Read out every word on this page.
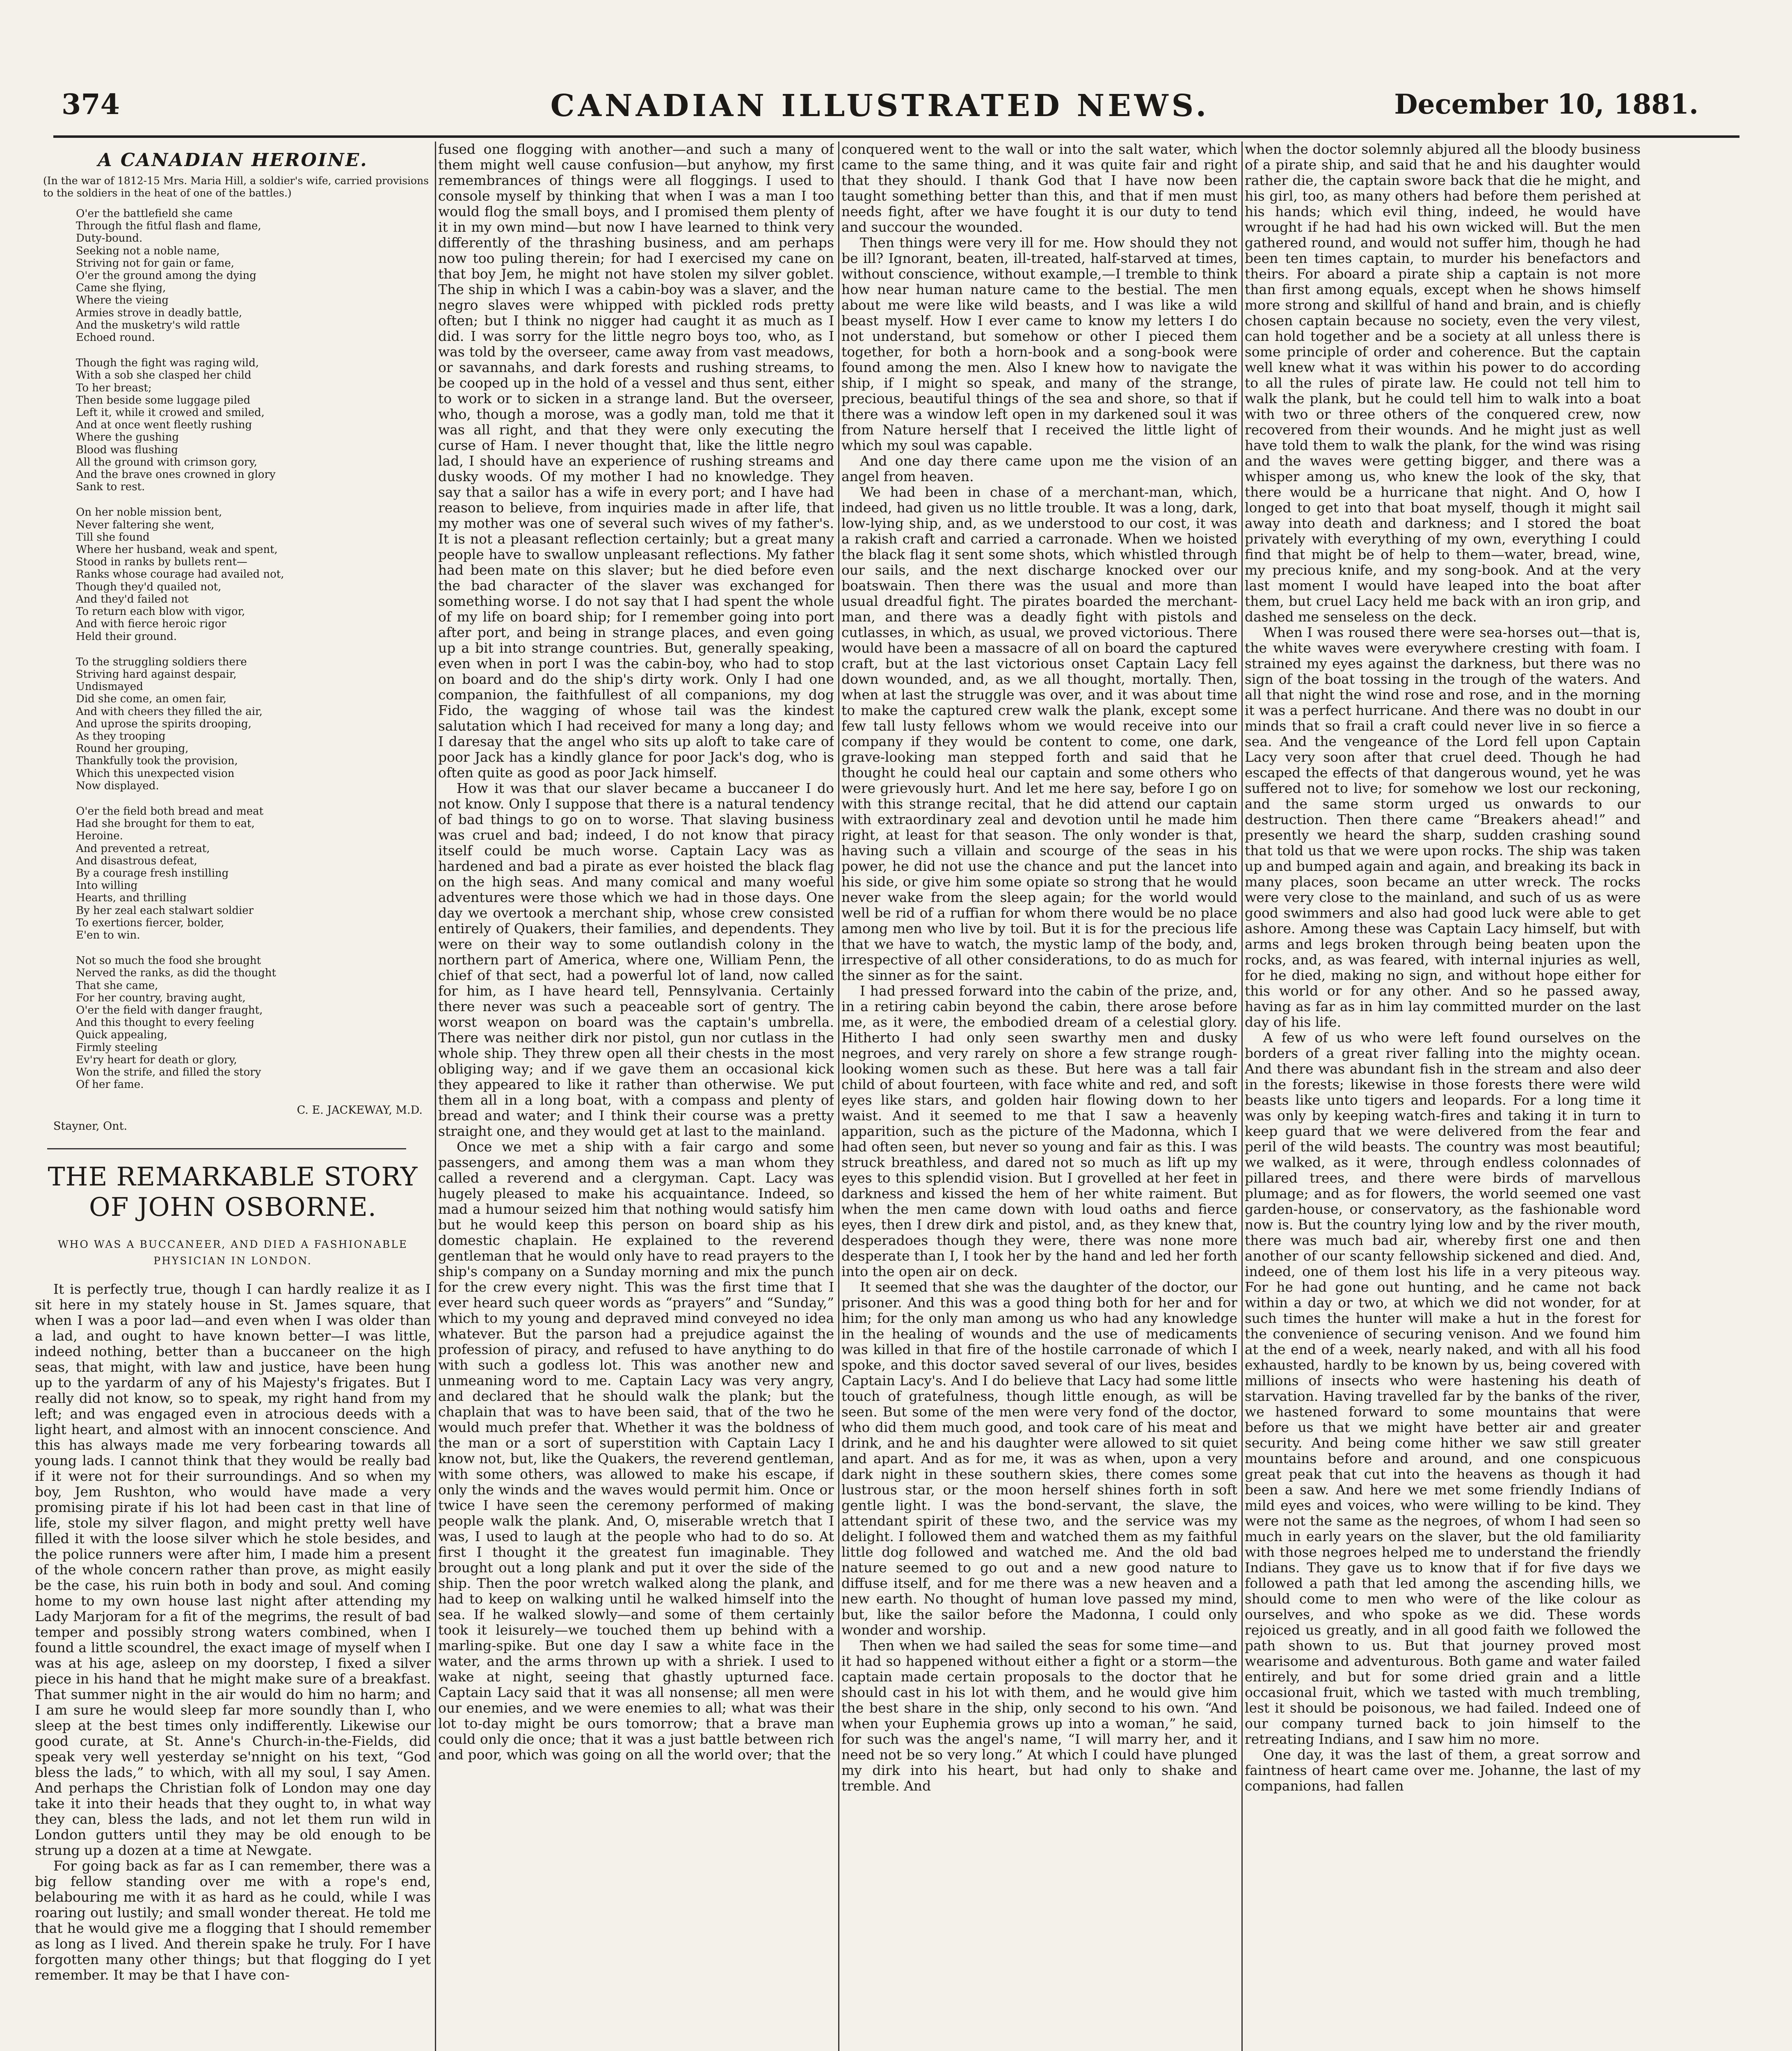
374	CANADIAN ILLUSTRATED NEWS.	December 10, 1881.
A CANADIAN HEROINE.
(In the war of 1812-15 Mrs. Maria Hill, a soldier's wife, carried provisions to the soldiers in the heat of one of the battles.)
O'er the battlefield she came
Through the fitful flash and flame,
Duty-bound.
Seeking not a noble name,
Striving not for gain or fame,
O'er the ground among the dying
Came she flying,
Where the vieing
Armies strove in deadly battle,
And the musketry's wild rattle
Echoed round.
Though the fight was raging wild,
With a sob she clasped her child
To her breast;
Then beside some luggage piled
Left it, while it crowed and smiled,
And at once went fleetly rushing
Where the gushing
Blood was flushing
All the ground with crimson gory,
And the brave ones crowned in glory
Sank to rest.
On her noble mission bent,
Never faltering she went,
Till she found
Where her husband, weak and spent,
Stood in ranks by bullets rent—
Ranks whose courage had availed not,
Though they'd quailed not,
And they'd failed not
To return each blow with vigor,
And with fierce heroic rigor
Held their ground.
To the struggling soldiers there
Striving hard against despair,
Undismayed
Did she come, an omen fair,
And with cheers they filled the air,
And uprose the spirits drooping,
As they trooping
Round her grouping,
Thankfully took the provision,
Which this unexpected vision
Now displayed.
O'er the field both bread and meat
Had she brought for them to eat,
Heroine.
And prevented a retreat,
And disastrous defeat,
By a courage fresh instilling
Into willing
Hearts, and thrilling
By her zeal each stalwart soldier
To exertions fiercer, bolder,
E'en to win.
Not so much the food she brought
Nerved the ranks, as did the thought
That she came,
For her country, braving aught,
O'er the field with danger fraught,
And this thought to every feeling
Quick appealing,
Firmly steeling
Ev'ry heart for death or glory,
Won the strife, and filled the story
Of her fame.
C. E. JACKEWAY, M.D.
Stayner, Ont.
THE REMARKABLE STORY OF JOHN OSBORNE.
WHO WAS A BUCCANEER, AND DIED A FASHIONABLE PHYSICIAN IN LONDON.

It is perfectly true, though I can hardly realize it as I sit here in my stately house in St. James square, that when I was a poor lad—and even when I was older than a lad, and ought to have known better—I was little, indeed nothing, better than a buccaneer on the high seas, that might, with law and justice, have been hung up to the yardarm of any of his Majesty's frigates. But I really did not know, so to speak, my right hand from my left; and was engaged even in atrocious deeds with a light heart, and almost with an innocent conscience. And this has always made me very forbearing towards all young lads. I cannot think that they would be really bad if it were not for their surroundings. And so when my boy, Jem Rushton, who would have made a very promising pirate if his lot had been cast in that line of life, stole my silver flagon, and might pretty well have filled it with the loose silver which he stole besides, and the police runners were after him, I made him a present of the whole concern rather than prove, as might easily be the case, his ruin both in body and soul. And coming home to my own house last night after attending my Lady Marjoram for a fit of the megrims, the result of bad temper and possibly strong waters combined, when I found a little scoundrel, the exact image of myself when I was at his age, asleep on my doorstep, I fixed a silver piece in his hand that he might make sure of a breakfast. That summer night in the air would do him no harm; and I am sure he would sleep far more soundly than I, who sleep at the best times only indifferently. Likewise our good curate, at St. Anne's Church-in-the-Fields, did speak very well yesterday se'nnight on his text, “God bless the lads,” to which, with all my soul, I say Amen. And perhaps the Christian folk of London may one day take it into their heads that they ought to, in what way they can, bless the lads, and not let them run wild in London gutters until they may be old enough to be strung up a dozen at a time at Newgate.

For going back as far as I can remember, there was a big fellow standing over me with a rope's end, belabouring me with it as hard as he could, while I was roaring out lustily; and small wonder thereat. He told me that he would give me a flogging that I should remember as long as I lived. And therein spake he truly. For I have forgotten many other things; but that flogging do I yet remember. It may be that I have con-

fused one flogging with another—and such a many of them might well cause confusion—but anyhow, my first remembrances of things were all floggings. I used to console myself by thinking that when I was a man I too would flog the small boys, and I promised them plenty of it in my own mind—but now I have learned to think very differently of the thrashing business, and am perhaps now too puling therein; for had I exercised my cane on that boy Jem, he might not have stolen my silver goblet. The ship in which I was a cabin-boy was a slaver, and the negro slaves were whipped with pickled rods pretty often; but I think no nigger had caught it as much as I did. I was sorry for the little negro boys too, who, as I was told by the overseer, came away from vast meadows, or savannahs, and dark forests and rushing streams, to be cooped up in the hold of a vessel and thus sent, either to work or to sicken in a strange land. But the overseer, who, though a morose, was a godly man, told me that it was all right, and that they were only executing the curse of Ham. I never thought that, like the little negro lad, I should have an experience of rushing streams and dusky woods. Of my mother I had no knowledge. They say that a sailor has a wife in every port; and I have had reason to believe, from inquiries made in after life, that my mother was one of several such wives of my father's. It is not a pleasant reflection certainly; but a great many people have to swallow unpleasant reflections. My father had been mate on this slaver; but he died before even the bad character of the slaver was exchanged for something worse. I do not say that I had spent the whole of my life on board ship; for I remember going into port after port, and being in strange places, and even going up a bit into strange countries. But, generally speaking, even when in port I was the cabin-boy, who had to stop on board and do the ship's dirty work. Only I had one companion, the faithfullest of all companions, my dog Fido, the wagging of whose tail was the kindest salutation which I had received for many a long day; and I daresay that the angel who sits up aloft to take care of poor Jack has a kindly glance for poor Jack's dog, who is often quite as good as poor Jack himself.

How it was that our slaver became a buccaneer I do not know. Only I suppose that there is a natural tendency of bad things to go on to worse. That slaving business was cruel and bad; indeed, I do not know that piracy itself could be much worse. Captain Lacy was as hardened and bad a pirate as ever hoisted the black flag on the high seas. And many comical and many woeful adventures were those which we had in those days. One day we overtook a merchant ship, whose crew consisted entirely of Quakers, their families, and dependents. They were on their way to some outlandish colony in the northern part of America, where one, William Penn, the chief of that sect, had a powerful lot of land, now called for him, as I have heard tell, Pennsylvania. Certainly there never was such a peaceable sort of gentry. The worst weapon on board was the captain's umbrella. There was neither dirk nor pistol, gun nor cutlass in the whole ship. They threw open all their chests in the most obliging way; and if we gave them an occasional kick they appeared to like it rather than otherwise. We put them all in a long boat, with a compass and plenty of bread and water; and I think their course was a pretty straight one, and they would get at last to the mainland.

Once we met a ship with a fair cargo and some passengers, and among them was a man whom they called a reverend and a clergyman. Capt. Lacy was hugely pleased to make his acquaintance. Indeed, so mad a humour seized him that nothing would satisfy him but he would keep this person on board ship as his domestic chaplain. He explained to the reverend gentleman that he would only have to read prayers to the ship's company on a Sunday morning and mix the punch for the crew every night. This was the first time that I ever heard such queer words as “prayers” and “Sunday,” which to my young and depraved mind conveyed no idea whatever. But the parson had a prejudice against the profession of piracy, and refused to have anything to do with such a godless lot. This was another new and unmeaning word to me. Captain Lacy was very angry, and declared that he should walk the plank; but the chaplain that was to have been said, that of the two he would much prefer that. Whether it was the boldness of the man or a sort of superstition with Captain Lacy I know not, but, like the Quakers, the reverend gentleman, with some others, was allowed to make his escape, if only the winds and the waves would permit him. Once or twice I have seen the ceremony performed of making people walk the plank. And, O, miserable wretch that I was, I used to laugh at the people who had to do so. At first I thought it the greatest fun imaginable. They brought out a long plank and put it over the side of the ship. Then the poor wretch walked along the plank, and had to keep on walking until he walked himself into the sea. If he walked slowly—and some of them certainly took it leisurely—we touched them up behind with a marling-spike. But one day I saw a white face in the water, and the arms thrown up with a shriek. I used to wake at night, seeing that ghastly upturned face. Captain Lacy said that it was all nonsense; all men were our enemies, and we were enemies to all; what was their lot to-day might be ours tomorrow; that a brave man could only die once; that it was a just battle between rich and poor, which was going on all the world over; that the

conquered went to the wall or into the salt water, which came to the same thing, and it was quite fair and right that they should. I thank God that I have now been taught something better than this, and that if men must needs fight, after we have fought it is our duty to tend and succour the wounded.

Then things were very ill for me. How should they not be ill? Ignorant, beaten, ill-treated, half-starved at times, without conscience, without example,—I tremble to think how near human nature came to the bestial. The men about me were like wild beasts, and I was like a wild beast myself. How I ever came to know my letters I do not understand, but somehow or other I pieced them together, for both a horn-book and a song-book were found among the men. Also I knew how to navigate the ship, if I might so speak, and many of the strange, precious, beautiful things of the sea and shore, so that if there was a window left open in my darkened soul it was from Nature herself that I received the little light of which my soul was capable.

And one day there came upon me the vision of an angel from heaven.

We had been in chase of a merchant-man, which, indeed, had given us no little trouble. It was a long, dark, low-lying ship, and, as we understood to our cost, it was a rakish craft and carried a carronade. When we hoisted the black flag it sent some shots, which whistled through our sails, and the next discharge knocked over our boatswain. Then there was the usual and more than usual dreadful fight. The pirates boarded the merchant-man, and there was a deadly fight with pistols and cutlasses, in which, as usual, we proved victorious. There would have been a massacre of all on board the captured craft, but at the last victorious onset Captain Lacy fell down wounded, and, as we all thought, mortally. Then, when at last the struggle was over, and it was about time to make the captured crew walk the plank, except some few tall lusty fellows whom we would receive into our company if they would be content to come, one dark, grave-looking man stepped forth and said that he thought he could heal our captain and some others who were grievously hurt. And let me here say, before I go on with this strange recital, that he did attend our captain with extraordinary zeal and devotion until he made him right, at least for that season. The only wonder is that, having such a villain and scourge of the seas in his power, he did not use the chance and put the lancet into his side, or give him some opiate so strong that he would never wake from the sleep again; for the world would well be rid of a ruffian for whom there would be no place among men who live by toil. But it is for the precious life that we have to watch, the mystic lamp of the body, and, irrespective of all other considerations, to do as much for the sinner as for the saint.

I had pressed forward into the cabin of the prize, and, in a retiring cabin beyond the cabin, there arose before me, as it were, the embodied dream of a celestial glory. Hitherto I had only seen swarthy men and dusky negroes, and very rarely on shore a few strange rough-looking women such as these. But here was a tall fair child of about fourteen, with face white and red, and soft eyes like stars, and golden hair flowing down to her waist. And it seemed to me that I saw a heavenly apparition, such as the picture of the Madonna, which I had often seen, but never so young and fair as this. I was struck breathless, and dared not so much as lift up my eyes to this splendid vision. But I grovelled at her feet in darkness and kissed the hem of her white raiment. But when the men came down with loud oaths and fierce eyes, then I drew dirk and pistol, and, as they knew that, desperadoes though they were, there was none more desperate than I, I took her by the hand and led her forth into the open air on deck.

It seemed that she was the daughter of the doctor, our prisoner. And this was a good thing both for her and for him; for the only man among us who had any knowledge in the healing of wounds and the use of medicaments was killed in that fire of the hostile carronade of which I spoke, and this doctor saved several of our lives, besides Captain Lacy's. And I do believe that Lacy had some little touch of gratefulness, though little enough, as will be seen. But some of the men were very fond of the doctor, who did them much good, and took care of his meat and drink, and he and his daughter were allowed to sit quiet and apart. And as for me, it was as when, upon a very dark night in these southern skies, there comes some lustrous star, or the moon herself shines forth in soft gentle light. I was the bond-servant, the slave, the attendant spirit of these two, and the service was my delight. I followed them and watched them as my faithful little dog followed and watched me. And the old bad nature seemed to go out and a new good nature to diffuse itself, and for me there was a new heaven and a new earth. No thought of human love passed my mind, but, like the sailor before the Madonna, I could only wonder and worship.

Then when we had sailed the seas for some time—and it had so happened without either a fight or a storm—the captain made certain proposals to the doctor that he should cast in his lot with them, and he would give him the best share in the ship, only second to his own. “And when your Euphemia grows up into a woman,” he said, for such was the angel's name, “I will marry her, and it need not be so very long.” At which I could have plunged my dirk into his heart, but had only to shake and tremble. And

when the doctor solemnly abjured all the bloody business of a pirate ship, and said that he and his daughter would rather die, the captain swore back that die he might, and his girl, too, as many others had before them perished at his hands; which evil thing, indeed, he would have wrought if he had had his own wicked will. But the men gathered round, and would not suffer him, though he had been ten times captain, to murder his benefactors and theirs. For aboard a pirate ship a captain is not more than first among equals, except when he shows himself more strong and skillful of hand and brain, and is chiefly chosen captain because no society, even the very vilest, can hold together and be a society at all unless there is some principle of order and coherence. But the captain well knew what it was within his power to do according to all the rules of pirate law. He could not tell him to walk the plank, but he could tell him to walk into a boat with two or three others of the conquered crew, now recovered from their wounds. And he might just as well have told them to walk the plank, for the wind was rising and the waves were getting bigger, and there was a whisper among us, who knew the look of the sky, that there would be a hurricane that night. And O, how I longed to get into that boat myself, though it might sail away into death and darkness; and I stored the boat privately with everything of my own, everything I could find that might be of help to them—water, bread, wine, my precious knife, and my song-book. And at the very last moment I would have leaped into the boat after them, but cruel Lacy held me back with an iron grip, and dashed me senseless on the deck.

When I was roused there were sea-horses out—that is, the white waves were everywhere cresting with foam. I strained my eyes against the darkness, but there was no sign of the boat tossing in the trough of the waters. And all that night the wind rose and rose, and in the morning it was a perfect hurricane. And there was no doubt in our minds that so frail a craft could never live in so fierce a sea. And the vengeance of the Lord fell upon Captain Lacy very soon after that cruel deed. Though he had escaped the effects of that dangerous wound, yet he was suffered not to live; for somehow we lost our reckoning, and the same storm urged us onwards to our destruction. Then there came “Breakers ahead!” and presently we heard the sharp, sudden crashing sound that told us that we were upon rocks. The ship was taken up and bumped again and again, and breaking its back in many places, soon became an utter wreck. The rocks were very close to the mainland, and such of us as were good swimmers and also had good luck were able to get ashore. Among these was Captain Lacy himself, but with arms and legs broken through being beaten upon the rocks, and, as was feared, with internal injuries as well, for he died, making no sign, and without hope either for this world or for any other. And so he passed away, having as far as in him lay committed murder on the last day of his life.

A few of us who were left found ourselves on the borders of a great river falling into the mighty ocean. And there was abundant fish in the stream and also deer in the forests; likewise in those forests there were wild beasts like unto tigers and leopards. For a long time it was only by keeping watch-fires and taking it in turn to keep guard that we were delivered from the fear and peril of the wild beasts. The country was most beautiful; we walked, as it were, through endless colonnades of pillared trees, and there were birds of marvellous plumage; and as for flowers, the world seemed one vast garden-house, or conservatory, as the fashionable word now is. But the country lying low and by the river mouth, there was much bad air, whereby first one and then another of our scanty fellowship sickened and died. And, indeed, one of them lost his life in a very piteous way. For he had gone out hunting, and he came not back within a day or two, at which we did not wonder, for at such times the hunter will make a hut in the forest for the convenience of securing venison. And we found him at the end of a week, nearly naked, and with all his food exhausted, hardly to be known by us, being covered with millions of insects who were hastening his death of starvation. Having travelled far by the banks of the river, we hastened forward to some mountains that were before us that we might have better air and greater security. And being come hither we saw still greater mountains before and around, and one conspicuous great peak that cut into the heavens as though it had been a saw. And here we met some friendly Indians of mild eyes and voices, who were willing to be kind. They were not the same as the negroes, of whom I had seen so much in early years on the slaver, but the old familiarity with those negroes helped me to understand the friendly Indians. They gave us to know that if for five days we followed a path that led among the ascending hills, we should come to men who were of the like colour as ourselves, and who spoke as we did. These words rejoiced us greatly, and in all good faith we followed the path shown to us. But that journey proved most wearisome and adventurous. Both game and water failed entirely, and but for some dried grain and a little occasional fruit, which we tasted with much trembling, lest it should be poisonous, we had failed. Indeed one of our company turned back to join himself to the retreating Indians, and I saw him no more.

One day, it was the last of them, a great sorrow and faintness of heart came over me. Johanne, the last of my companions, had fallen
